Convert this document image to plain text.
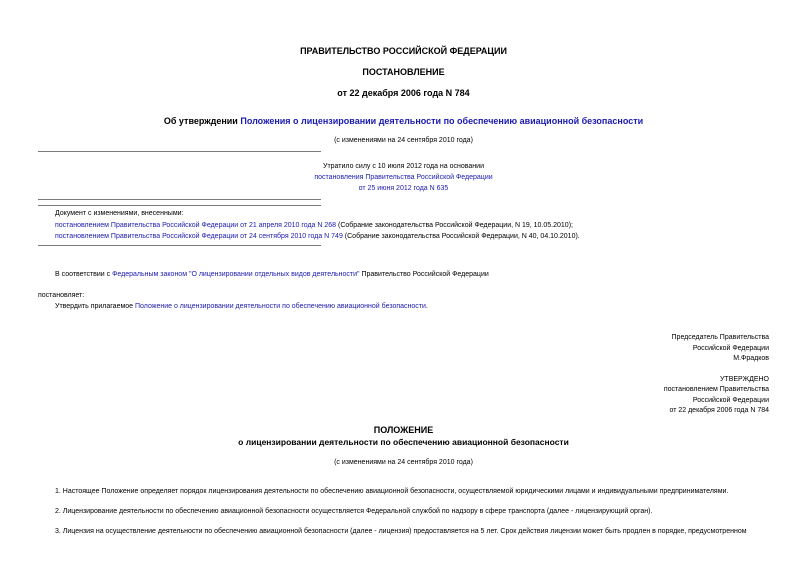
ПРАВИТЕЛЬСТВО РОССИЙСКОЙ ФЕДЕРАЦИИ
ПОСТАНОВЛЕНИЕ
от 22 декабря 2006 года N 784
Об утверждении Положения о лицензировании деятельности по обеспечению авиационной безопасности
(с изменениями на 24 сентября 2010 года)
Утратило силу с 10 июля 2012 года на основании
постановления Правительства Российской Федерации
от 25 июня 2012 года N 635
Документ с изменениями, внесенными:
постановлением Правительства Российской Федерации от 21 апреля 2010 года N 268 (Собрание законодательства Российской Федерации, N 19, 10.05.2010);
постановлением Правительства Российской Федерации от 24 сентября 2010 года N 749 (Собрание законодательства Российской Федерации, N 40, 04.10.2010).
В соответствии с Федеральным законом "О лицензировании отдельных видов деятельности" Правительство Российской Федерации
постановляет:
Утвердить прилагаемое Положение о лицензировании деятельности по обеспечению авиационной безопасности.
Председатель Правительства
Российской Федерации
М.Фрадков
УТВЕРЖДЕНО
постановлением Правительства
Российской Федерации
от 22 декабря 2006 года N 784
ПОЛОЖЕНИЕ
о лицензировании деятельности по обеспечению авиационной безопасности
(с изменениями на 24 сентября 2010 года)
1. Настоящее Положение определяет порядок лицензирования деятельности по обеспечению авиационной безопасности, осуществляемой юридическими лицами и индивидуальными предпринимателями.
2. Лицензирование деятельности по обеспечению авиационной безопасности осуществляется Федеральной службой по надзору в сфере транспорта (далее - лицензирующий орган).
3. Лицензия на осуществление деятельности по обеспечению авиационной безопасности (далее - лицензия) предоставляется на 5 лет. Срок действия лицензии может быть продлен в порядке, предусмотренном
